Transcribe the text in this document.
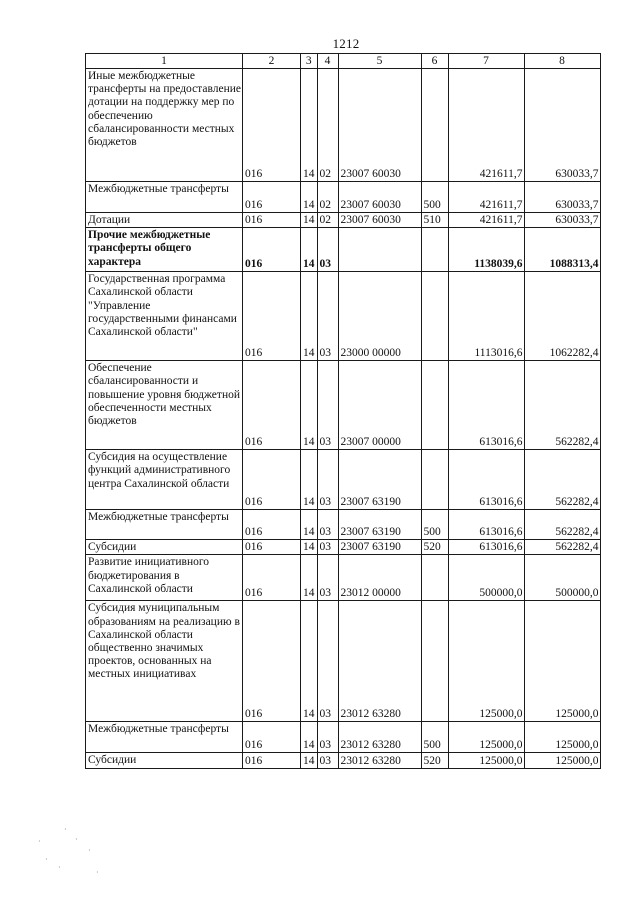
1212
1	2	3	4	5	6	7	8
Иные межбюджетные трансферты на предоставление дотации на поддержку мер по обеспечению сбалансированности местных бюджетов	016	14	02	23007 60030		421611,7	630033,7
Межбюджетные трансферты	016	14	02	23007 60030	500	421611,7	630033,7
Дотации	016	14	02	23007 60030	510	421611,7	630033,7
Прочие межбюджетные трансферты общего характера	016	14	03			1138039,6	1088313,4
Государственная программа Сахалинской области "Управление государственными финансами Сахалинской области"	016	14	03	23000 00000		1113016,6	1062282,4
Обеспечение сбалансированности и повышение уровня бюджетной обеспеченности местных бюджетов	016	14	03	23007 00000		613016,6	562282,4
Субсидия на осуществление функций административного центра Сахалинской области	016	14	03	23007 63190		613016,6	562282,4
Межбюджетные трансферты	016	14	03	23007 63190	500	613016,6	562282,4
Субсидии	016	14	03	23007 63190	520	613016,6	562282,4
Развитие инициативного бюджетирования в Сахалинской области	016	14	03	23012 00000		500000,0	500000,0
Субсидия муниципальным образованиям на реализацию в Сахалинской области общественно значимых проектов, основанных на местных инициативах	016	14	03	23012 63280		125000,0	125000,0
Межбюджетные трансферты	016	14	03	23012 63280	500	125000,0	125000,0
Субсидии	016	14	03	23012 63280	520	125000,0	125000,0
·
·
·
·
·
·
·
